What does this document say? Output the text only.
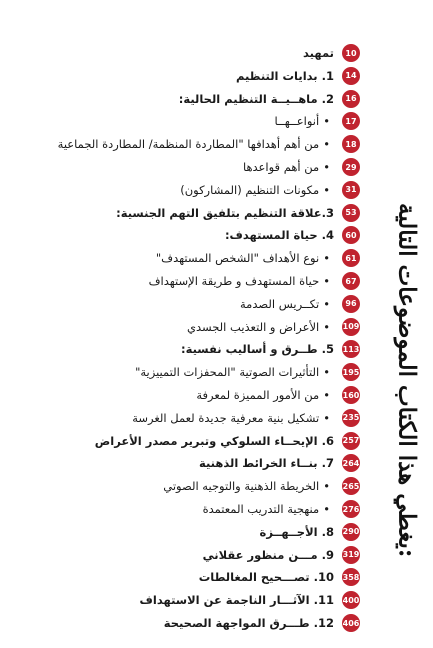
يغطي هذا الكتاب الموضوعات التالية:
10
تمهيد
14
1. بدايات التنظيم
16
2. ماهــيــة التنظيم الحالية:
17
• أنواعــهــا
18
• من أهم أهدافها "المطاردة المنظمة/ المطاردة الجماعية
29
• من أهم قواعدها
31
• مكونات التنظيم (المشاركون)
53
3.علاقة التنظيم بتلفيق التهم الجنسية:
60
4. حياة المستهدف:
61
• نوع الأهداف "الشخص المستهدف"
67
• حياة المستهدف و طريقة الإستهداف
96
• تكــريس الصدمة
109
• الأعراض و التعذيب الجسدي
113
5. طــرق و أساليب نفسية:
195
• التأثيرات الصوتية "المحفزات التمييزية"
160
• من الأمور المميزة لمعرفة
235
• تشكيل بنية معرفية جديدة لعمل الغرسة
257
6. الإيحــاء السلوكي وتبرير مصدر الأعراض
264
7. بنــاء الخرائط الذهنية
265
• الخريطة الذهنية والتوجيه الصوتي
276
• منهجية التدريب المعتمدة
290
8. الأجــهــزة
319
9. مـــن منظور عقلاني
358
10. تصـــحيح المغالطات
400
11. الآثـــار الناجمة عن الاستهداف
406
12. طـــرق المواجهة الصحيحة
